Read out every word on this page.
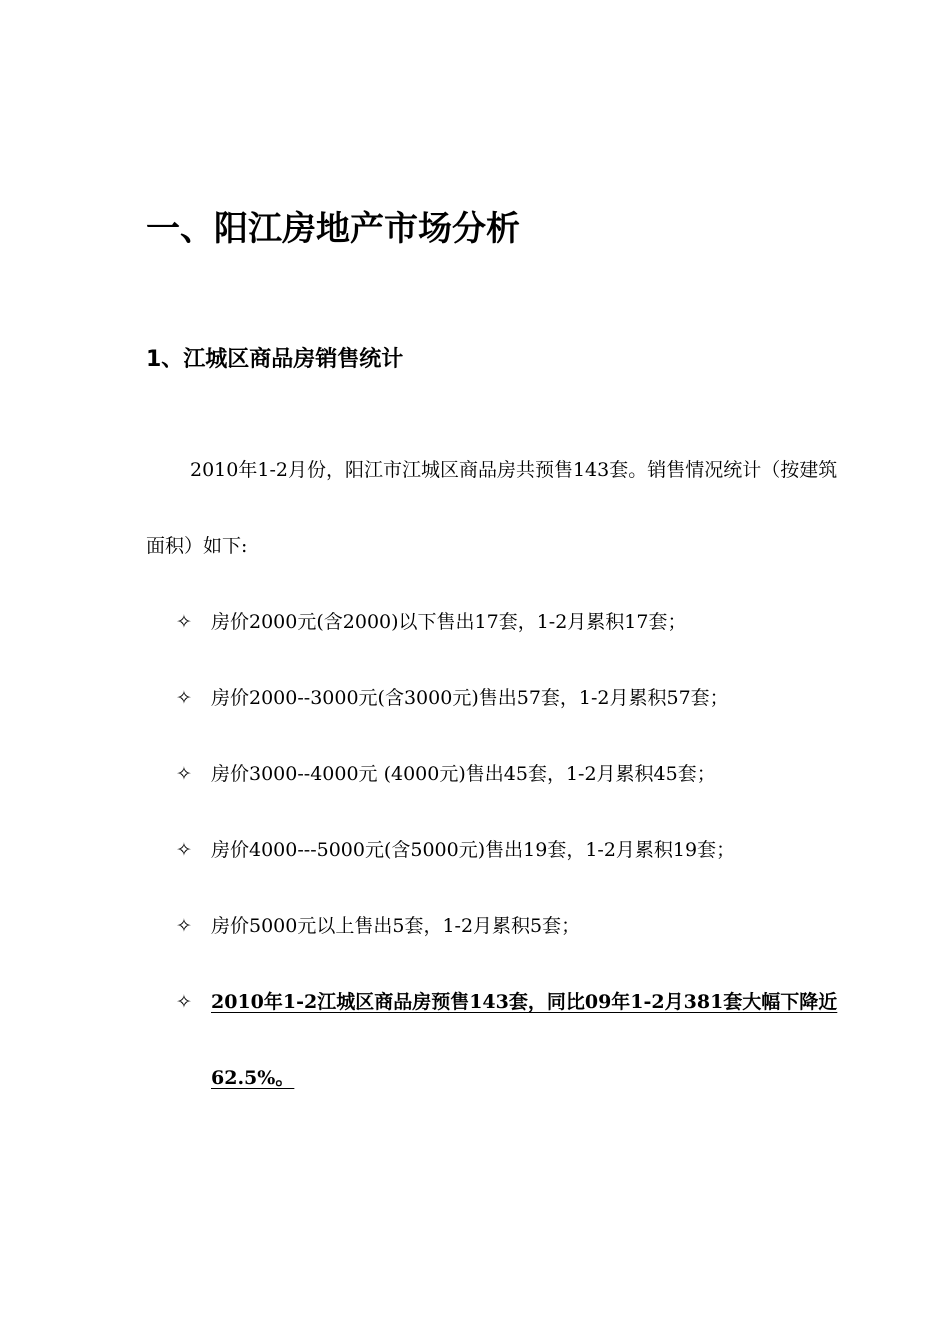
一、阳江房地产市场分析
1、江城区商品房销售统计

2010年1-2月份，阳江市江城区商品房共预售143套。销售情况统计（按建筑面积）如下:

✧ 房价2000元(含2000)以下售出17套，1-2月累积17套；
✧ 房价2000--3000元(含3000元)售出57套，1-2月累积57套；
✧ 房价3000--4000元 (4000元)售出45套，1-2月累积45套；
✧ 房价4000---5000元(含5000元)售出19套，1-2月累积19套；
✧ 房价5000元以上售出5套，1-2月累积5套；
✧ 2010年1-2江城区商品房预售143套，同比09年1-2月381套大幅下降近62.5%。
